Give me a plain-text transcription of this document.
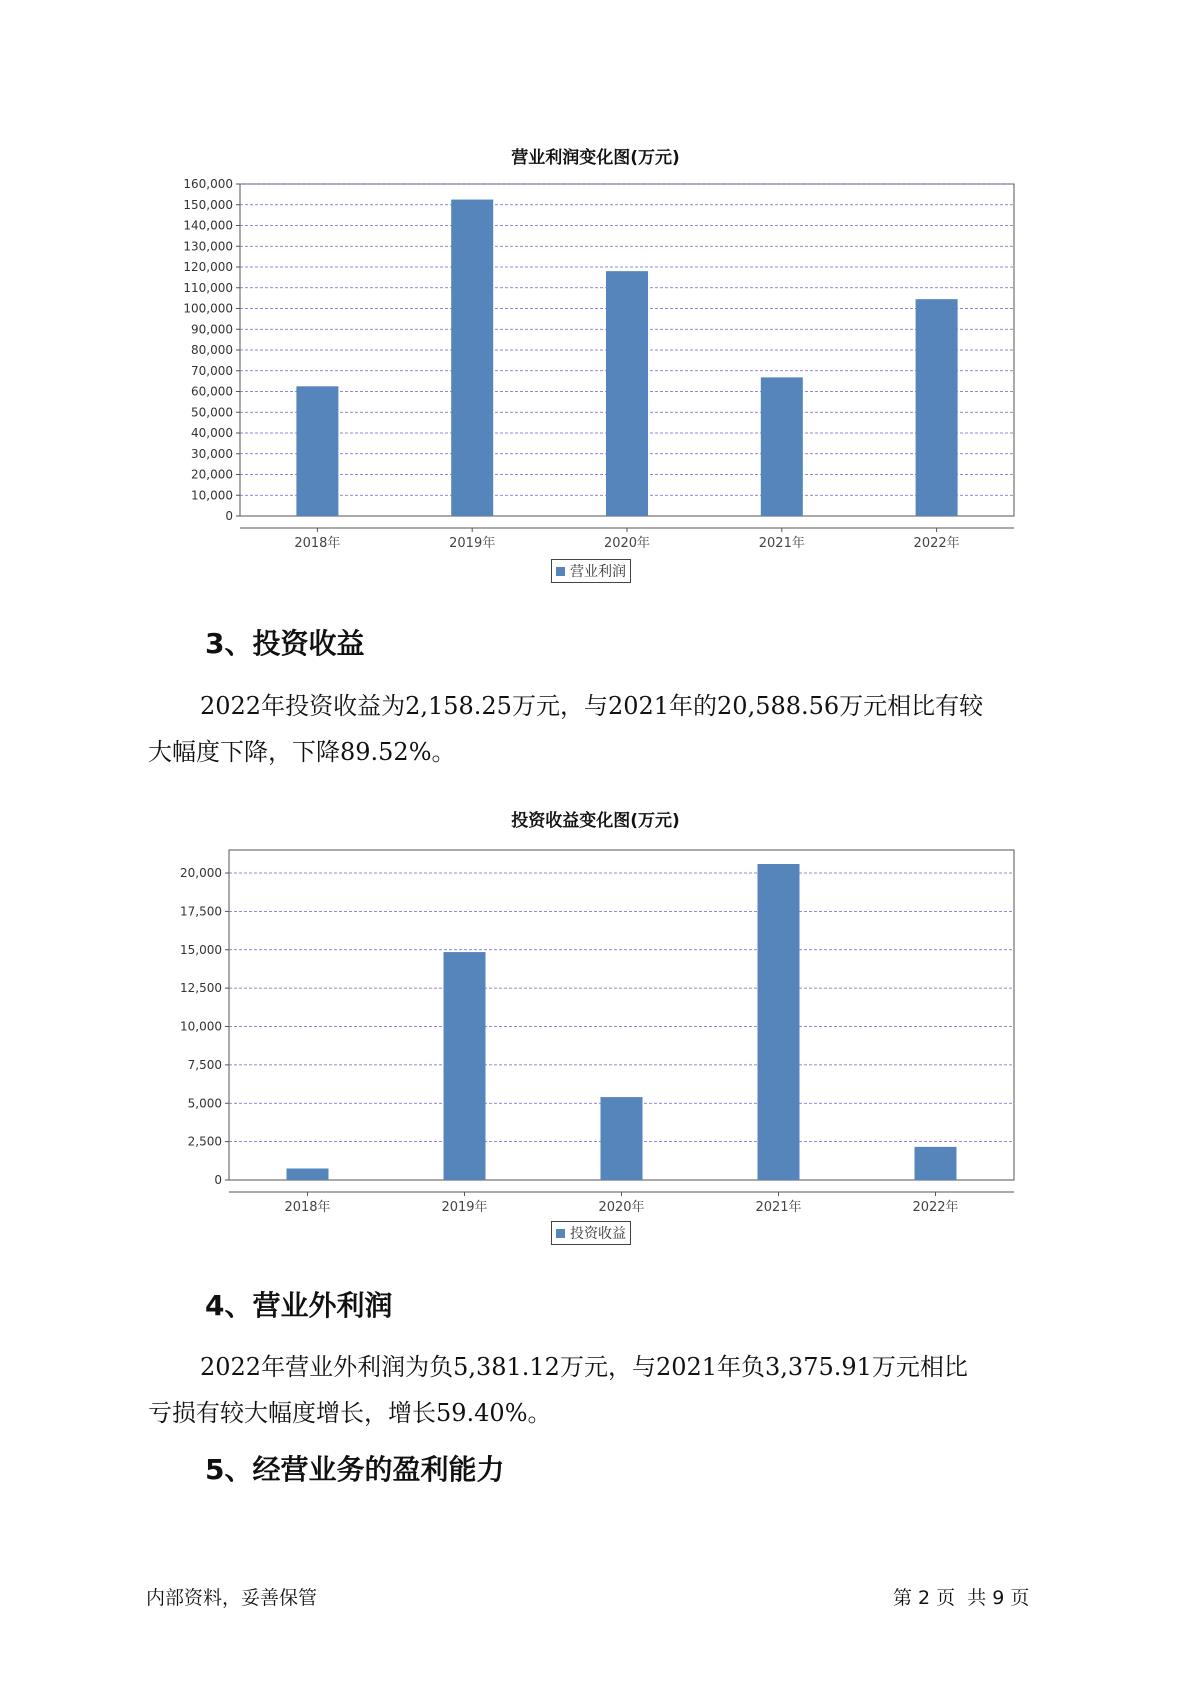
营业利润变化图(万元)
0
10,000
20,000
30,000
40,000
50,000
60,000
70,000
80,000
90,000
100,000
110,000
120,000
130,000
140,000
150,000
160,000
2018年	2019年	2020年	2021年	2022年
营业利润
3、投资收益
2022年投资收益为2,158.25万元，与2021年的20,588.56万元相比有较
大幅度下降，下降89.52%。
投资收益变化图(万元)
0
2,500
5,000
7,500
10,000
12,500
15,000
17,500
20,000
2018年	2019年	2020年	2021年	2022年
投资收益
4、营业外利润
2022年营业外利润为负5,381.12万元，与2021年负3,375.91万元相比
亏损有较大幅度增长，增长59.40%。
5、经营业务的盈利能力
内部资料，妥善保管	第 2 页  共 9 页
